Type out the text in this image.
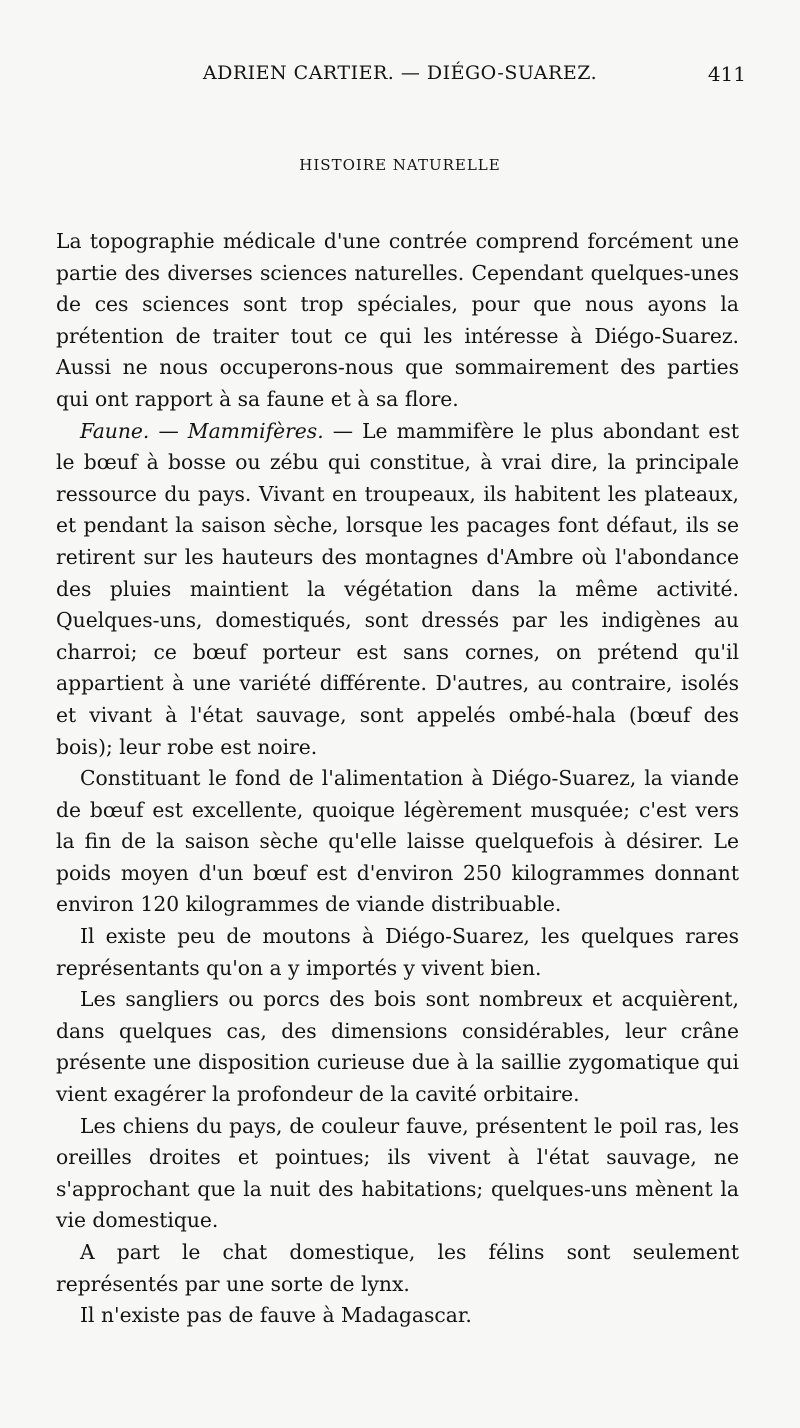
ADRIEN CARTIER. — DIÉGO-SUAREZ.	411
HISTOIRE NATURELLE

La topographie médicale d'une contrée comprend forcément une partie des diverses sciences naturelles. Cependant quelques-unes de ces sciences sont trop spéciales, pour que nous ayons la prétention de traiter tout ce qui les intéresse à Diégo-Suarez. Aussi ne nous occuperons-nous que sommairement des parties qui ont rapport à sa faune et à sa flore.

Faune. — Mammifères. — Le mammifère le plus abondant est le bœuf à bosse ou zébu qui constitue, à vrai dire, la principale ressource du pays. Vivant en troupeaux, ils habitent les plateaux, et pendant la saison sèche, lorsque les pacages font défaut, ils se retirent sur les hauteurs des montagnes d'Ambre où l'abondance des pluies maintient la végétation dans la même activité. Quelques-uns, domestiqués, sont dressés par les indigènes au charroi; ce bœuf porteur est sans cornes, on prétend qu'il appartient à une variété différente. D'autres, au contraire, isolés et vivant à l'état sauvage, sont appelés ombé-hala (bœuf des bois); leur robe est noire.

Constituant le fond de l'alimentation à Diégo-Suarez, la viande de bœuf est excellente, quoique légèrement musquée; c'est vers la fin de la saison sèche qu'elle laisse quelquefois à désirer. Le poids moyen d'un bœuf est d'environ 250 kilogrammes donnant environ 120 kilogrammes de viande distribuable.

Il existe peu de moutons à Diégo-Suarez, les quelques rares représentants qu'on a y importés y vivent bien.

Les sangliers ou porcs des bois sont nombreux et acquièrent, dans quelques cas, des dimensions considérables, leur crâne présente une disposition curieuse due à la saillie zygomatique qui vient exagérer la profondeur de la cavité orbitaire.

Les chiens du pays, de couleur fauve, présentent le poil ras, les oreilles droites et pointues; ils vivent à l'état sauvage, ne s'approchant que la nuit des habitations; quelques-uns mènent la vie domestique.

A part le chat domestique, les félins sont seulement représentés par une sorte de lynx.

Il n'existe pas de fauve à Madagascar.
